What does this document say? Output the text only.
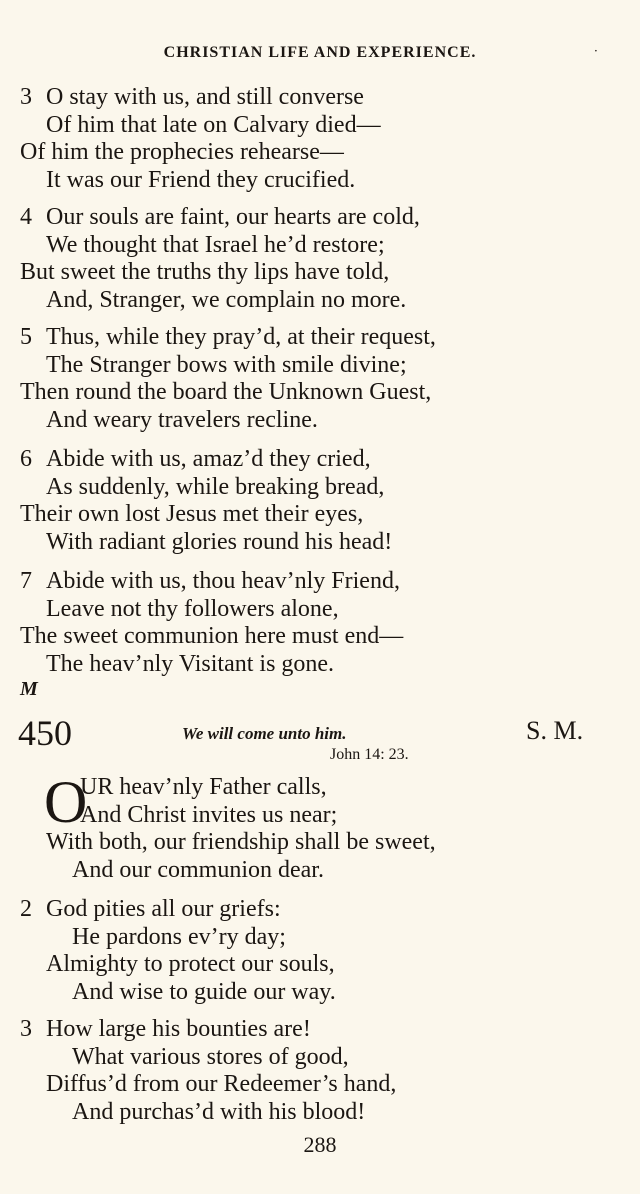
CHRISTIAN LIFE AND EXPERIENCE.	·
3 O stay with us, and still converse
Of him that late on Calvary died—
Of him the prophecies rehearse—
It was our Friend they crucified.
4 Our souls are faint, our hearts are cold,
We thought that Israel he’d restore;
But sweet the truths thy lips have told,
And, Stranger, we complain no more.
5 Thus, while they pray’d, at their request,
The Stranger bows with smile divine;
Then round the board the Unknown Guest,
And weary travelers recline.
6 Abide with us, amaz’d they cried,
As suddenly, while breaking bread,
Their own lost Jesus met their eyes,
With radiant glories round his head!
7 Abide with us, thou heav’nly Friend,
Leave not thy followers alone,
The sweet communion here must end—
The heav’nly Visitant is gone.
M
450	We will come unto him.
John 14: 23.
S. M.
O
UR heav’nly Father calls,
And Christ invites us near;
With both, our friendship shall be sweet,
And our communion dear.
2 God pities all our griefs:
He pardons ev’ry day;
Almighty to protect our souls,
And wise to guide our way.
3 How large his bounties are!
What various stores of good,
Diffus’d from our Redeemer’s hand,
And purchas’d with his blood!
288
